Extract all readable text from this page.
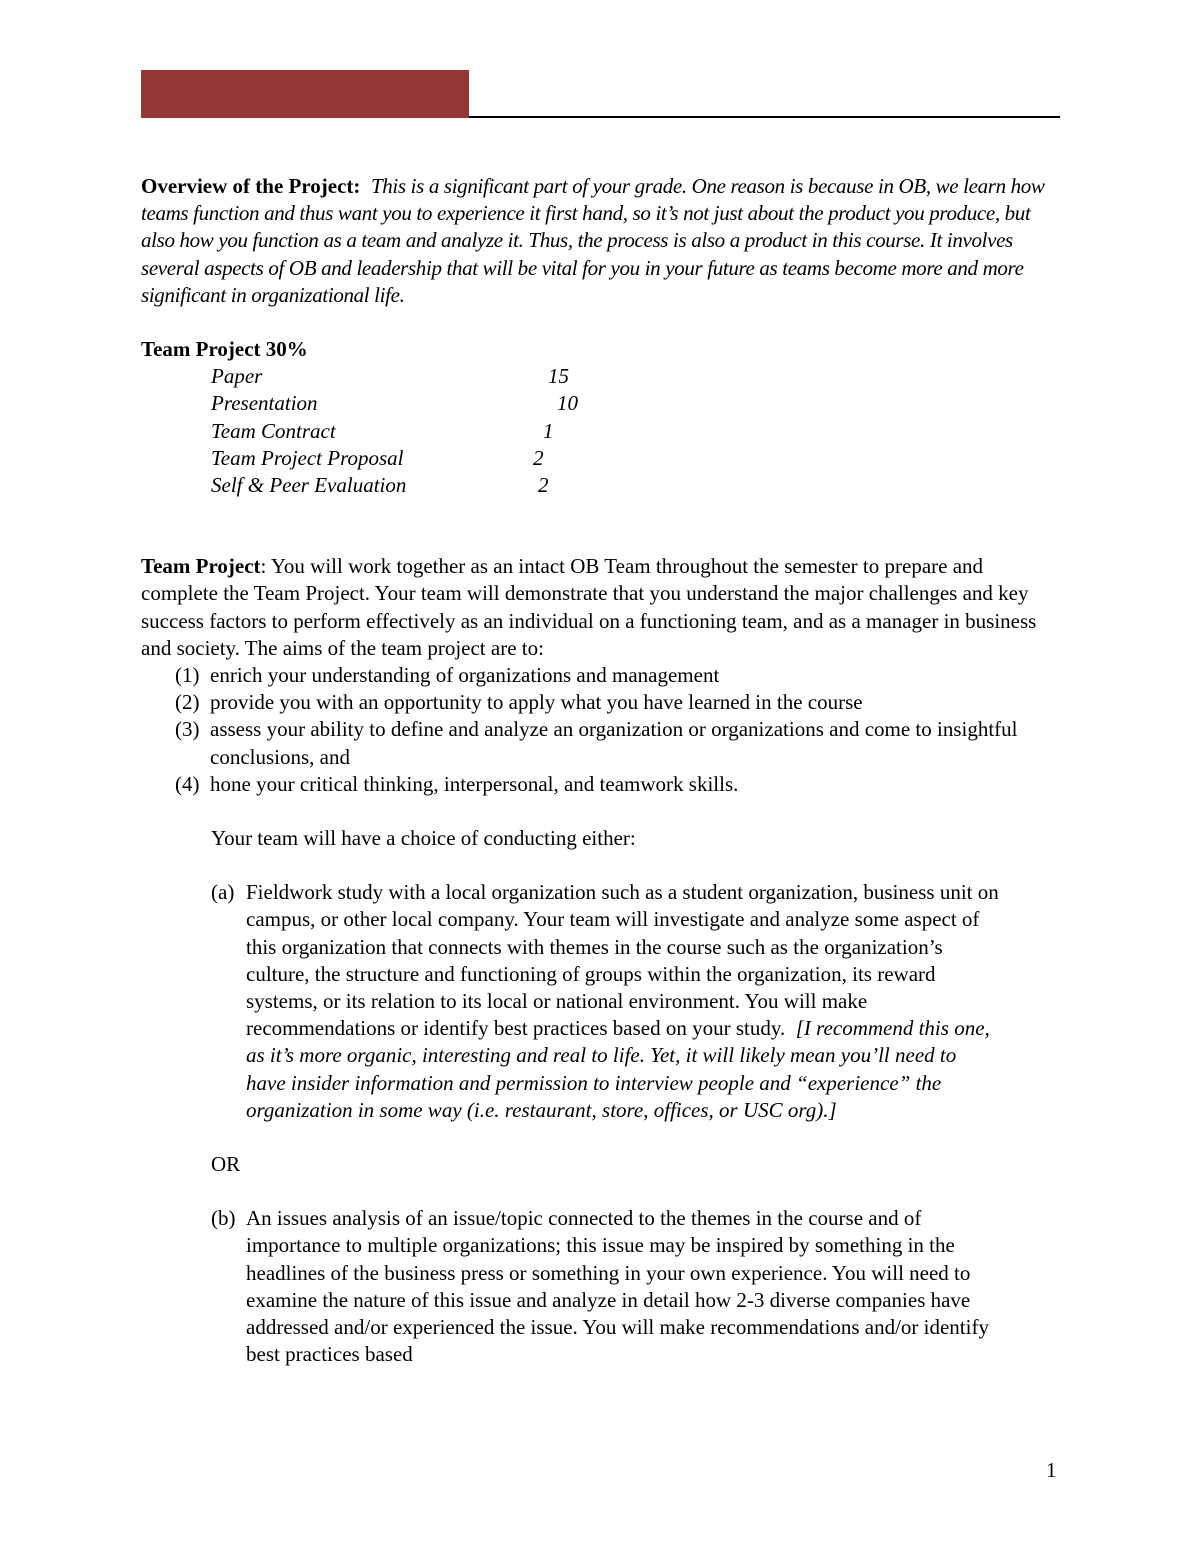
Overview of the Project: This is a significant part of your grade. One reason is because in OB, we learn how teams function and thus want you to experience it first hand, so it’s not just about the product you produce, but also how you function as a team and analyze it. Thus, the process is also a product in this course. It involves several aspects of OB and leadership that will be vital for you in your future as teams become more and more significant in organizational life.

Team Project 30%

Paper	15
Presentation	10
Team Contract	1
Team Project Proposal	2
Self & Peer Evaluation	2

Team Project: You will work together as an intact OB Team throughout the semester to prepare and complete the Team Project. Your team will demonstrate that you understand the major challenges and key success factors to perform effectively as an individual on a functioning team, and as a manager in business and society. The aims of the team project are to:

(1) enrich your understanding of organizations and management
(2) provide you with an opportunity to apply what you have learned in the course
(3) assess your ability to define and analyze an organization or organizations and come to insightful conclusions, and
(4) hone your critical thinking, interpersonal, and teamwork skills.

Your team will have a choice of conducting either:

(a) Fieldwork study with a local organization such as a student organization, business unit on campus, or other local company. Your team will investigate and analyze some aspect of this organization that connects with themes in the course such as the organization’s culture, the structure and functioning of groups within the organization, its reward systems, or its relation to its local or national environment. You will make recommendations or identify best practices based on your study. [I recommend this one, as it’s more organic, interesting and real to life. Yet, it will likely mean you’ll need to have insider information and permission to interview people and “experience” the organization in some way (i.e. restaurant, store, offices, or USC org).]

OR

(b) An issues analysis of an issue/topic connected to the themes in the course and of importance to multiple organizations; this issue may be inspired by something in the headlines of the business press or something in your own experience. You will need to examine the nature of this issue and analyze in detail how 2-3 diverse companies have addressed and/or experienced the issue. You will make recommendations and/or identify best practices based
1
